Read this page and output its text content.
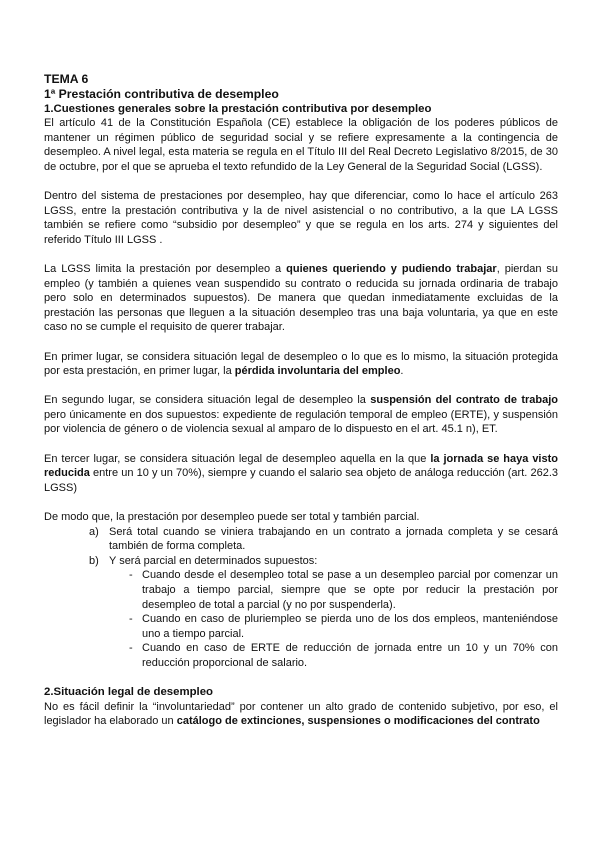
TEMA 6
1ª Prestación contributiva de desempleo
1.Cuestiones generales sobre la prestación contributiva por desempleo

El artículo 41 de la Constitución Española (CE) establece la obligación de los poderes públicos de mantener un régimen público de seguridad social y se refiere expresamente a la contingencia de desempleo. A nivel legal, esta materia se regula en el Título III del Real Decreto Legislativo 8/2015, de 30 de octubre, por el que se aprueba el texto refundido de la Ley General de la Seguridad Social (LGSS).

Dentro del sistema de prestaciones por desempleo, hay que diferenciar, como lo hace el artículo 263 LGSS, entre la prestación contributiva y la de nivel asistencial o no contributivo, a la que LA LGSS también se refiere como “subsidio por desempleo” y que se regula en los arts. 274 y siguientes del referido Título III LGSS .

La LGSS limita la prestación por desempleo a quienes queriendo y pudiendo trabajar, pierdan su empleo (y también a quienes vean suspendido su contrato o reducida su jornada ordinaria de trabajo pero solo en determinados supuestos). De manera que quedan inmediatamente excluidas de la prestación las personas que lleguen a la situación desempleo tras una baja voluntaria, ya que en este caso no se cumple el requisito de querer trabajar.

En primer lugar, se considera situación legal de desempleo o lo que es lo mismo, la situación protegida por esta prestación, en primer lugar, la pérdida involuntaria del empleo.

En segundo lugar, se considera situación legal de desempleo la suspensión del contrato de trabajo pero únicamente en dos supuestos: expediente de regulación temporal de empleo (ERTE), y suspensión por violencia de género o de violencia sexual al amparo de lo dispuesto en el art. 45.1 n), ET.

En tercer lugar, se considera situación legal de desempleo aquella en la que la jornada se haya visto reducida entre un 10 y un 70%), siempre y cuando el salario sea objeto de análoga reducción (art. 262.3 LGSS)

De modo que, la prestación por desempleo puede ser total y también parcial.

a) Será total cuando se viniera trabajando en un contrato a jornada completa y se cesará también de forma completa.
b) Y será parcial en determinados supuestos:
- Cuando desde el desempleo total se pase a un desempleo parcial por comenzar un trabajo a tiempo parcial, siempre que se opte por reducir la prestación por desempleo de total a parcial (y no por suspenderla).
- Cuando en caso de pluriempleo se pierda uno de los dos empleos, manteniéndose uno a tiempo parcial.
- Cuando en caso de ERTE de reducción de jornada entre un 10 y un 70% con reducción proporcional de salario.
2.Situación legal de desempleo

No es fácil definir la “involuntariedad” por contener un alto grado de contenido subjetivo, por eso, el legislador ha elaborado un catálogo de extinciones, suspensiones o modificaciones del contrato
